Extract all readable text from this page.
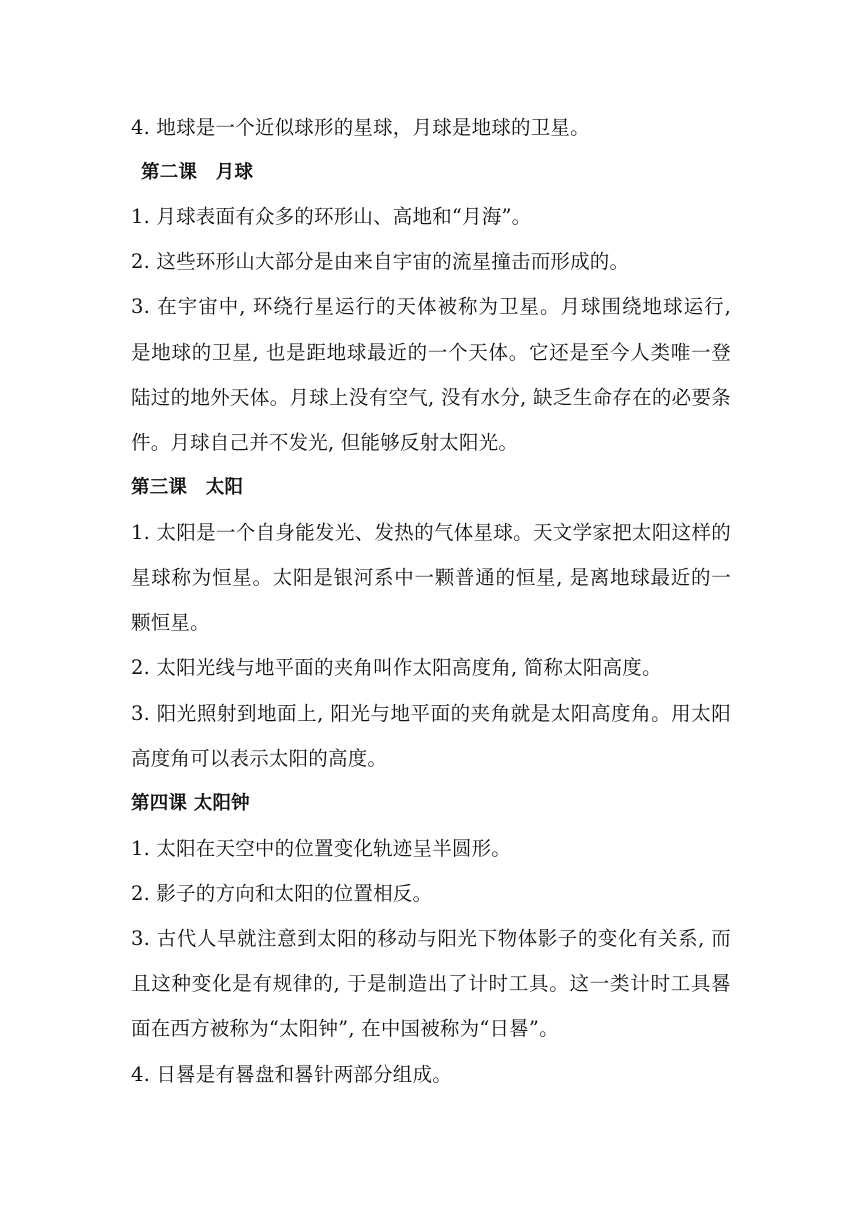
4. 地球是一个近似球形的星球，月球是地球的卫星。
第二课　月球
1. 月球表面有众多的环形山、高地和“月海”。
2. 这些环形山大部分是由来自宇宙的流星撞击而形成的。
3. 在宇宙中, 环绕行星运行的天体被称为卫星。月球围绕地球运行,
是地球的卫星, 也是距地球最近的一个天体。它还是至今人类唯一登
陆过的地外天体。月球上没有空气, 没有水分, 缺乏生命存在的必要条
件。月球自己并不发光, 但能够反射太阳光。
第三课　太阳
1. 太阳是一个自身能发光、发热的气体星球。天文学家把太阳这样的
星球称为恒星。太阳是银河系中一颗普通的恒星, 是离地球最近的一
颗恒星。
2. 太阳光线与地平面的夹角叫作太阳高度角, 简称太阳高度。
3. 阳光照射到地面上, 阳光与地平面的夹角就是太阳高度角。用太阳
高度角可以表示太阳的高度。
第四课 太阳钟
1. 太阳在天空中的位置变化轨迹呈半圆形。
2. 影子的方向和太阳的位置相反。
3. 古代人早就注意到太阳的移动与阳光下物体影子的变化有关系, 而
且这种变化是有规律的, 于是制造出了计时工具。这一类计时工具晷
面在西方被称为“太阳钟”, 在中国被称为“日晷”。
4. 日晷是有晷盘和晷针两部分组成。
